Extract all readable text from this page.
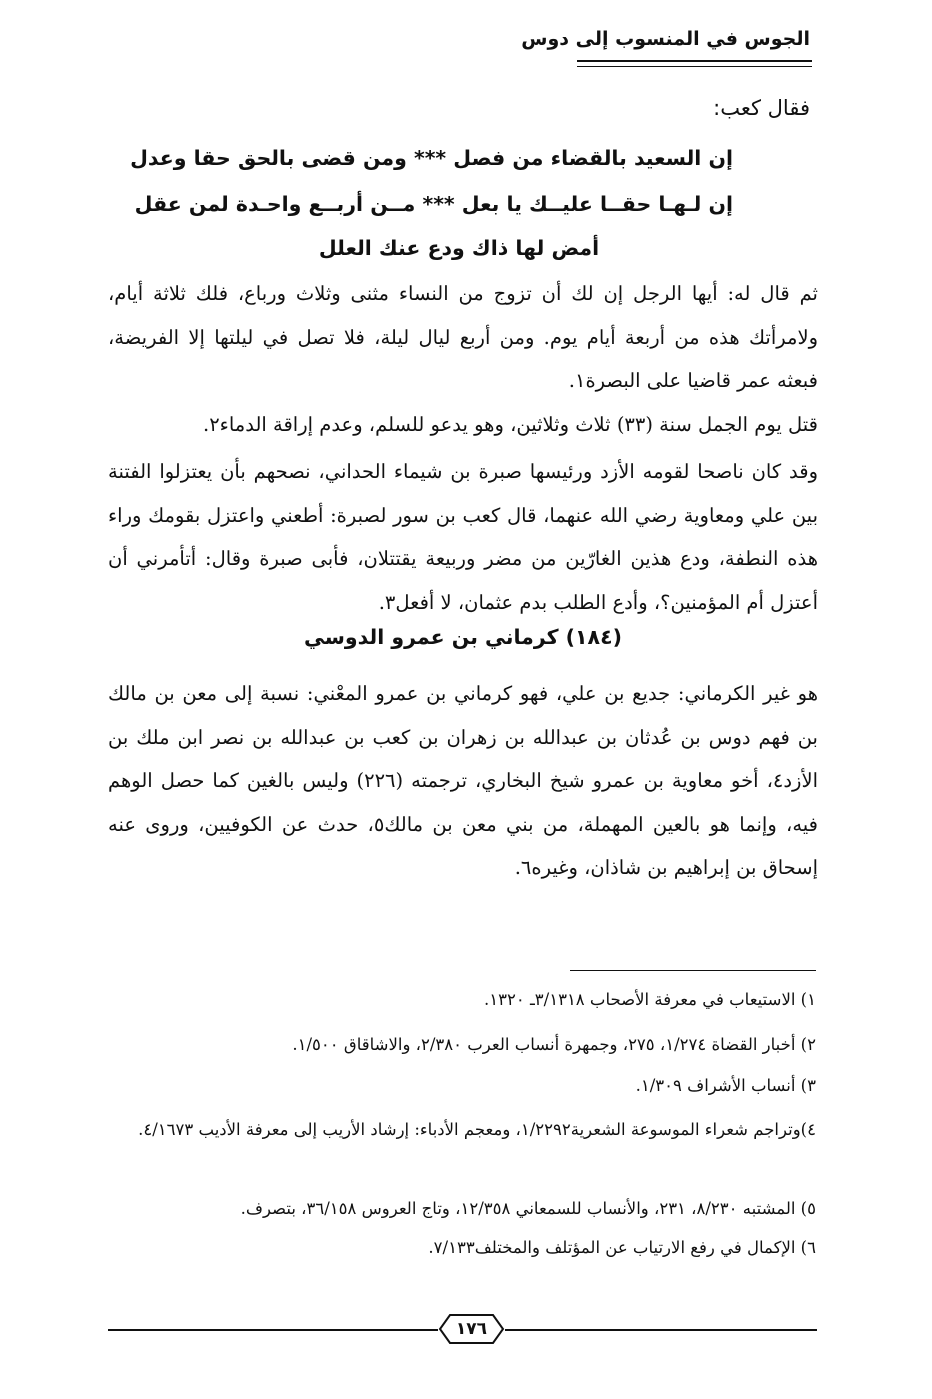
الجوس في المنسوب إلى دوس
فقال كعب:
إن السعيد بالقضاء من فصل *** ومن قضى بالحق حقا وعدل
إن لـهـا حقــا عليــك يا بعل *** مــن أربــع واحـدة لمن عقل
أمض لها ذاك ودع عنك العلل
ثم قال له: أيها الرجل إن لك أن تزوج من النساء مثنى وثلاث ورباع، فلك ثلاثة أيام، ولامرأتك هذه من أربعة أيام يوم. ومن أربع ليال ليلة، فلا تصل في ليلتها إلا الفريضة، فبعثه عمر قاضيا على البصرة١.
قتل يوم الجمل سنة (٣٣) ثلاث وثلاثين، وهو يدعو للسلم، وعدم إراقة الدماء٢.
وقد كان ناصحا لقومه الأزد ورئيسها صبرة بن شيماء الحداني، نصحهم بأن يعتزلوا الفتنة بين علي ومعاوية رضي الله عنهما، قال كعب بن سور لصبرة: أطعني واعتزل بقومك وراء هذه النطفة، ودع هذين الغارّين من مضر وربيعة يقتتلان، فأبى صبرة وقال: أتأمرني أن أعتزل أم المؤمنين؟، وأدع الطلب بدم عثمان، لا أفعل٣.
(١٨٤) كرماني بن عمرو الدوسي
هو غير الكرماني: جديع بن علي، فهو كرماني بن عمرو المعْني: نسبة إلى معن بن مالك بن فهم دوس بن عُدثان بن عبدالله بن زهران بن كعب بن عبدالله بن نصر ابن ملك بن الأزد٤، أخو معاوية بن عمرو شيخ البخاري، ترجمته (٢٢٦) وليس بالغين كما حصل الوهم فيه، وإنما هو بالعين المهملة، من بني معن بن مالك٥، حدث عن الكوفيين، وروى عنه إسحاق بن إبراهيم بن شاذان، وغيره٦.
١) الاستيعاب في معرفة الأصحاب ٣/١٣١٨ـ ١٣٢٠.
٢) أخبار القضاة ١/٢٧٤، ٢٧٥، وجمهرة أنساب العرب ٢/٣٨٠، والاشاقاق ١/٥٠٠.
٣) أنساب الأشراف ١/٣٠٩.
٤)وتراجم شعراء الموسوعة الشعرية١/٢٢٩٢، ومعجم الأدباء: إرشاد الأريب إلى معرفة الأديب ٤/١٦٧٣.
٥) المشتبه ٨/٢٣٠، ٢٣١، والأنساب للسمعاني ١٢/٣٥٨، وتاج العروس ٣٦/١٥٨، بتصرف.
٦) الإكمال في رفع الارتياب عن المؤتلف والمختلف٧/١٣٣.
١٧٦
